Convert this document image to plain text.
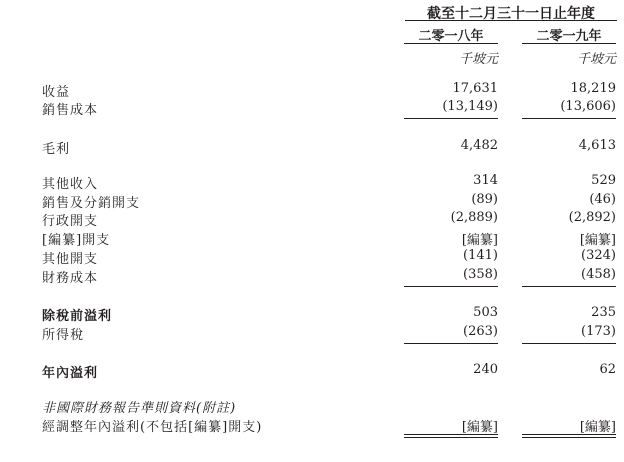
截至十二月三十一日止年度
二零一八年	二零一九年
千坡元	千坡元
收益	17,631	18,219
銷售成本	(13,149)	(13,606)
毛利	4,482	4,613
其他收入	314	529
銷售及分銷開支	(89)	(46)
行政開支	(2,889)	(2,892)
[編纂]開支	[編纂]	[編纂]
其他開支	(141)	(324)
財務成本	(358)	(458)
除稅前溢利	503	235
所得稅	(263)	(173)
年內溢利	240	62
非國際財務報告準則資料(附註)
經調整年內溢利(不包括[編纂]開支)	[編纂]	[編纂]
